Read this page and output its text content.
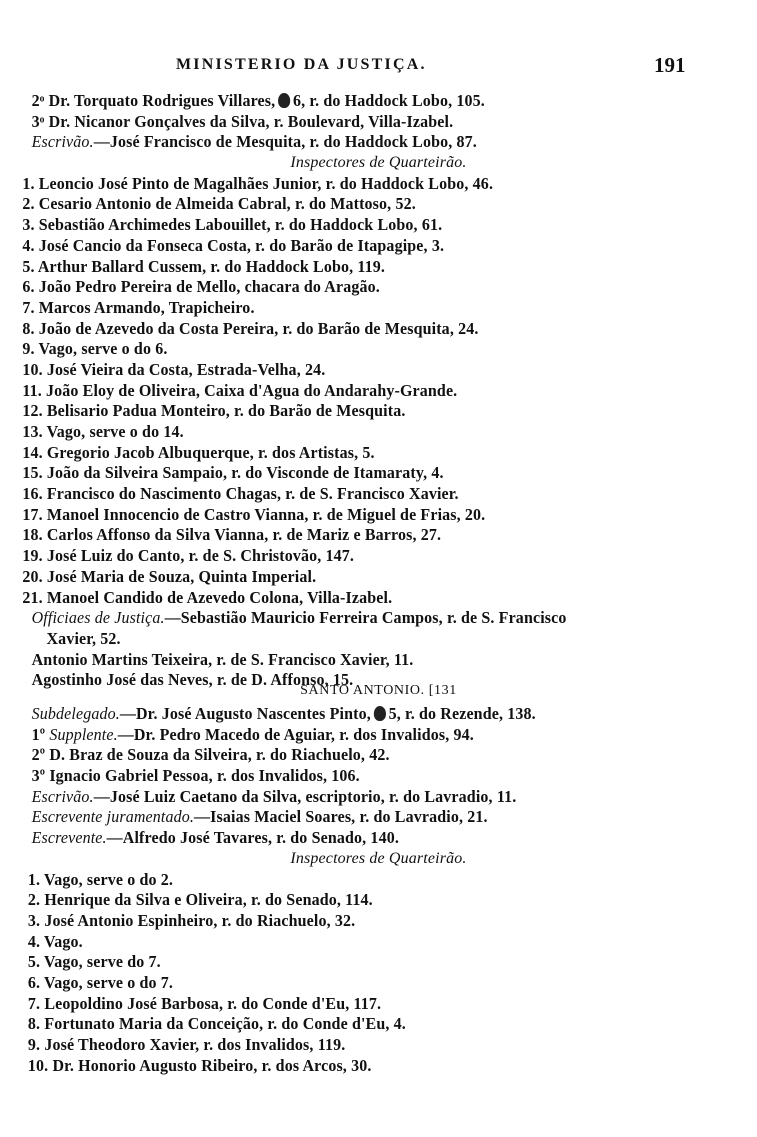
MINISTERIO DA JUSTIÇA.	191
2ᵒ Dr. Torquato Rodrigues Villares, 6, r. do Haddock Lobo, 105.
3ᵒ Dr. Nicanor Gonçalves da Silva, r. Boulevard, Villa-Izabel.
Escrivão.—José Francisco de Mesquita, r. do Haddock Lobo, 87.
Inspectores de Quarteirão.
1. Leoncio José Pinto de Magalhães Junior, r. do Haddock Lobo, 46.
2. Cesario Antonio de Almeida Cabral, r. do Mattoso, 52.
3. Sebastião Archimedes Labouillet, r. do Haddock Lobo, 61.
4. José Cancio da Fonseca Costa, r. do Barão de Itapagipe, 3.
5. Arthur Ballard Cussem, r. do Haddock Lobo, 119.
6. João Pedro Pereira de Mello, chacara do Aragão.
7. Marcos Armando, Trapicheiro.
8. João de Azevedo da Costa Pereira, r. do Barão de Mesquita, 24.
9. Vago, serve o do 6.
10. José Vieira da Costa, Estrada-Velha, 24.
11. João Eloy de Oliveira, Caixa d'Agua do Andarahy-Grande.
12. Belisario Padua Monteiro, r. do Barão de Mesquita.
13. Vago, serve o do 14.
14. Gregorio Jacob Albuquerque, r. dos Artistas, 5.
15. João da Silveira Sampaio, r. do Visconde de Itamaraty, 4.
16. Francisco do Nascimento Chagas, r. de S. Francisco Xavier.
17. Manoel Innocencio de Castro Vianna, r. de Miguel de Frias, 20.
18. Carlos Affonso da Silva Vianna, r. de Mariz e Barros, 27.
19. José Luiz do Canto, r. de S. Christovão, 147.
20. José Maria de Souza, Quinta Imperial.
21. Manoel Candido de Azevedo Colona, Villa-Izabel.
Officiaes de Justiça.—Sebastião Mauricio Ferreira Campos, r. de S. Francisco
Xavier, 52.
Antonio Martins Teixeira, r. de S. Francisco Xavier, 11.
Agostinho José das Neves, r. de D. Affonso, 15.
SANTO ANTONIO. [131
Subdelegado.—Dr. José Augusto Nascentes Pinto, 5, r. do Rezende, 138.
1º Supplente.—Dr. Pedro Macedo de Aguiar, r. dos Invalidos, 94.
2º D. Braz de Souza da Silveira, r. do Riachuelo, 42.
3º Ignacio Gabriel Pessoa, r. dos Invalidos, 106.
Escrivão.—José Luiz Caetano da Silva, escriptorio, r. do Lavradio, 11.
Escrevente juramentado.—Isaias Maciel Soares, r. do Lavradio, 21.
Escrevente.—Alfredo José Tavares, r. do Senado, 140.
Inspectores de Quarteirão.
1. Vago, serve o do 2.
2. Henrique da Silva e Oliveira, r. do Senado, 114.
3. José Antonio Espinheiro, r. do Riachuelo, 32.
4. Vago.
5. Vago, serve do 7.
6. Vago, serve o do 7.
7. Leopoldino José Barbosa, r. do Conde d'Eu, 117.
8. Fortunato Maria da Conceição, r. do Conde d'Eu, 4.
9. José Theodoro Xavier, r. dos Invalidos, 119.
10. Dr. Honorio Augusto Ribeiro, r. dos Arcos, 30.
